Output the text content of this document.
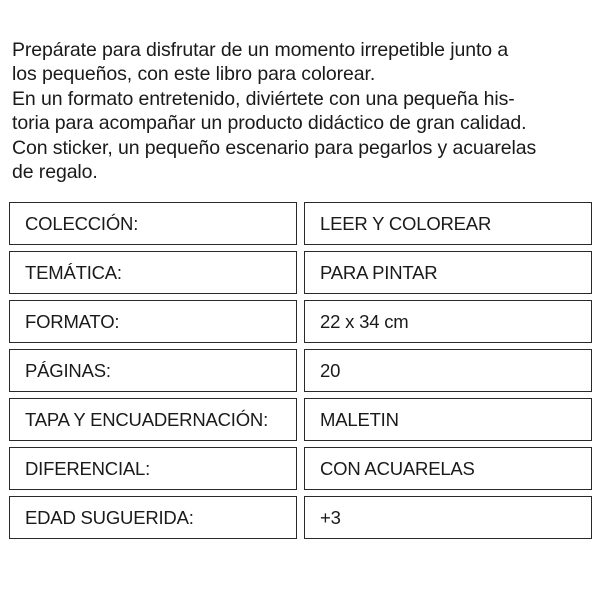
Prepárate para disfrutar de un momento irrepetible junto a

los pequeños, con este libro para colorear.

En un formato entretenido, diviértete con una pequeña his-

toria para acompañar un producto didáctico de gran calidad.

Con sticker, un pequeño escenario para pegarlos y acuarelas

de regalo.

COLECCIÓN:	LEER Y COLOREAR
TEMÁTICA:	PARA PINTAR
FORMATO:	22 x 34 cm
PÁGINAS:	20
TAPA Y ENCUADERNACIÓN:	MALETIN
DIFERENCIAL:	CON ACUARELAS
EDAD SUGUERIDA:	+3
